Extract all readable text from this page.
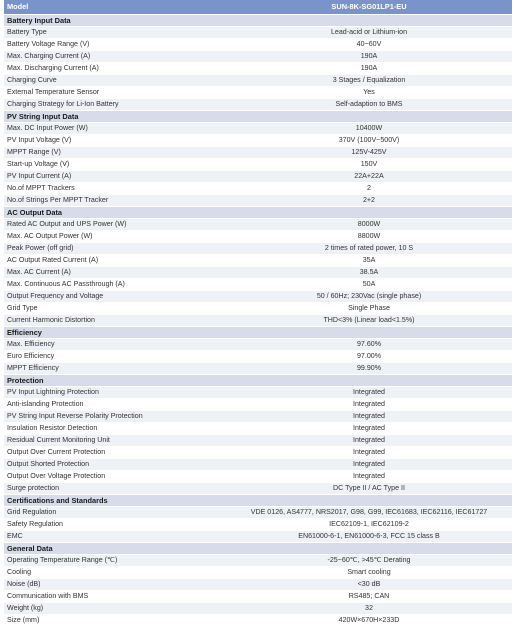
Model	SUN-8K-SG01LP1-EU
Battery Input Data	
Battery Type	Lead-acid or Lithium-ion
Battery Voltage Range (V)	40~60V
Max. Charging Current (A)	190A
Max. Discharging Current (A)	190A
Charging Curve	3 Stages / Equalization
External Temperature Sensor	Yes
Charging Strategy for Li-Ion Battery	Self-adaption to BMS
PV String Input Data	
Max. DC Input Power (W)	10400W
PV Input Voltage (V)	370V (100V~500V)
MPPT Range (V)	125V-425V
Start-up Voltage (V)	150V
PV Input Current (A)	22A+22A
No.of MPPT Trackers	2
No.of Strings Per MPPT Tracker	2+2
AC Output Data	
Rated AC Output and UPS Power (W)	8000W
Max. AC Output Power (W)	8800W
Peak Power (off grid)	2 times of rated power, 10 S
AC Output Rated Current (A)	35A
Max. AC Current (A)	38.5A
Max. Continuous AC Passthrough (A)	50A
Output Frequency and Voltage	50 / 60Hz; 230Vac (single phase)
Grid Type	Single Phase
Current Harmonic Distortion	THD<3% (Linear load<1.5%)
Efficiency	
Max. Efficiency	97.60%
Euro Efficiency	97.00%
MPPT Efficiency	99.90%
Protection	
PV Input Lightning Protection	Integrated
Anti-islanding Protection	Integrated
PV String Input Reverse Polarity Protection	Integrated
Insulation Resistor Detection	Integrated
Residual Current Monitoring Unit	Integrated
Output Over Current Protection	Integrated
Output Shorted Protection	Integrated
Output Over Voltage Protection	Integrated
Surge protection	DC Type II / AC Type II
Certifications and Standards	
Grid Regulation	VDE 0126, AS4777, NRS2017, G98, G99, IEC61683, IEC62116, IEC61727
Safety Regulation	IEC62109-1, IEC62109-2
EMC	EN61000-6-1, EN61000-6-3, FCC 15 class B
General Data	
Operating Temperature Range (℃)	-25~60℃, >45℃ Derating
Cooling	Smart cooling
Noise (dB)	<30 dB
Communication with BMS	RS485; CAN
Weight (kg)	32
Size (mm)	420W×670H×233D
